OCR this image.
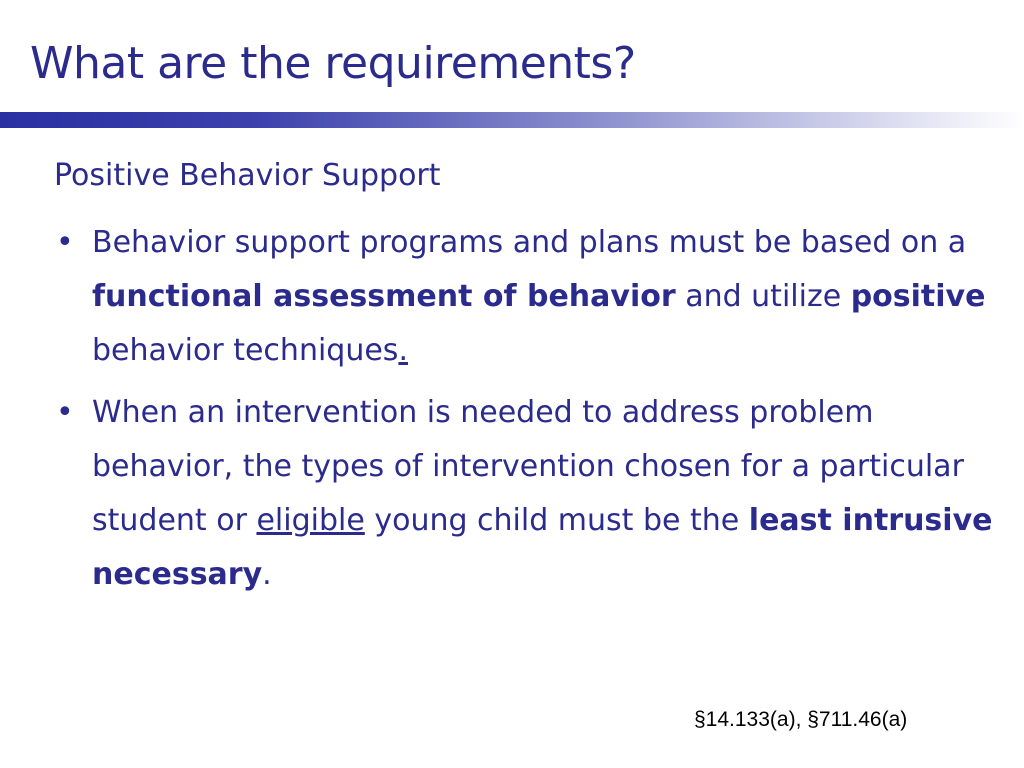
What are the requirements?
Positive Behavior Support
• Behavior support programs and plans must be based on a functional assessment of behavior and utilize positive behavior techniques.
• When an intervention is needed to address problem behavior, the types of intervention chosen for a particular student or eligible young child must be the least intrusive necessary.
§14.133(a), §711.46(a)
